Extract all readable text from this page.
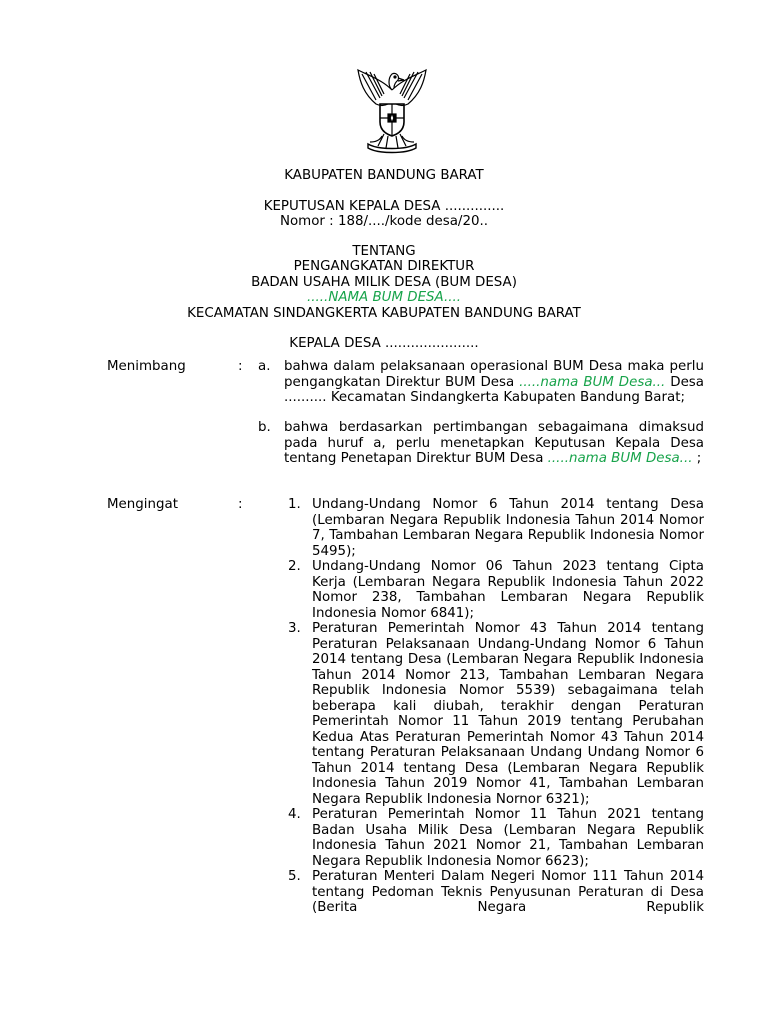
KABUPATEN BANDUNG BARAT
KEPUTUSAN KEPALA DESA ..............
Nomor : 188/..../kode desa/20..
TENTANG
PENGANGKATAN DIREKTUR
BADAN USAHA MILIK DESA (BUM DESA)
.....NAMA BUM DESA....
KECAMATAN SINDANGKERTA KABUPATEN BANDUNG BARAT
KEPALA DESA ......................
Menimbang	: a. bahwa dalam pelaksanaan operasional BUM Desa maka perlu pengangkatan Direktur BUM Desa .....nama BUM Desa... Desa .......... Kecamatan Sindangkerta Kabupaten Bandung Barat;
b. bahwa berdasarkan pertimbangan sebagaimana dimaksud pada huruf a, perlu menetapkan Keputusan Kepala Desa tentang Penetapan Direktur BUM Desa .....nama BUM Desa... ;
Mengingat	:	1. Undang-Undang Nomor 6 Tahun 2014 tentang Desa (Lembaran Negara Republik Indonesia Tahun 2014 Nomor 7, Tambahan Lembaran Negara Republik Indonesia Nomor 5495);
2. Undang-Undang Nomor 06 Tahun 2023 tentang Cipta Kerja (Lembaran Negara Republik Indonesia Tahun 2022 Nomor 238, Tambahan Lembaran Negara Republik Indonesia Nomor 6841);
3. Peraturan Pemerintah Nomor 43 Tahun 2014 tentang Peraturan Pelaksanaan Undang-Undang Nomor 6 Tahun 2014 tentang Desa (Lembaran Negara Republik Indonesia Tahun 2014 Nomor 213, Tambahan Lembaran Negara Republik Indonesia Nomor 5539) sebagaimana telah beberapa kali diubah, terakhir dengan Peraturan Pemerintah Nomor 11 Tahun 2019 tentang Perubahan Kedua Atas Peraturan Pemerintah Nomor 43 Tahun 2014 tentang Peraturan Pelaksanaan Undang Undang Nomor 6 Tahun 2014 tentang Desa (Lembaran Negara Republik Indonesia Tahun 2019 Nomor 41, Tambahan Lembaran Negara Republik Indonesia Nornor 6321);
4. Peraturan Pemerintah Nomor 11 Tahun 2021 tentang Badan Usaha Milik Desa (Lembaran Negara Republik Indonesia Tahun 2021 Nomor 21, Tambahan Lembaran Negara Republik Indonesia Nomor 6623);
5. Peraturan Menteri Dalam Negeri Nomor 111 Tahun 2014 tentang Pedoman Teknis Penyusunan Peraturan di Desa (Berita Negara Republik
